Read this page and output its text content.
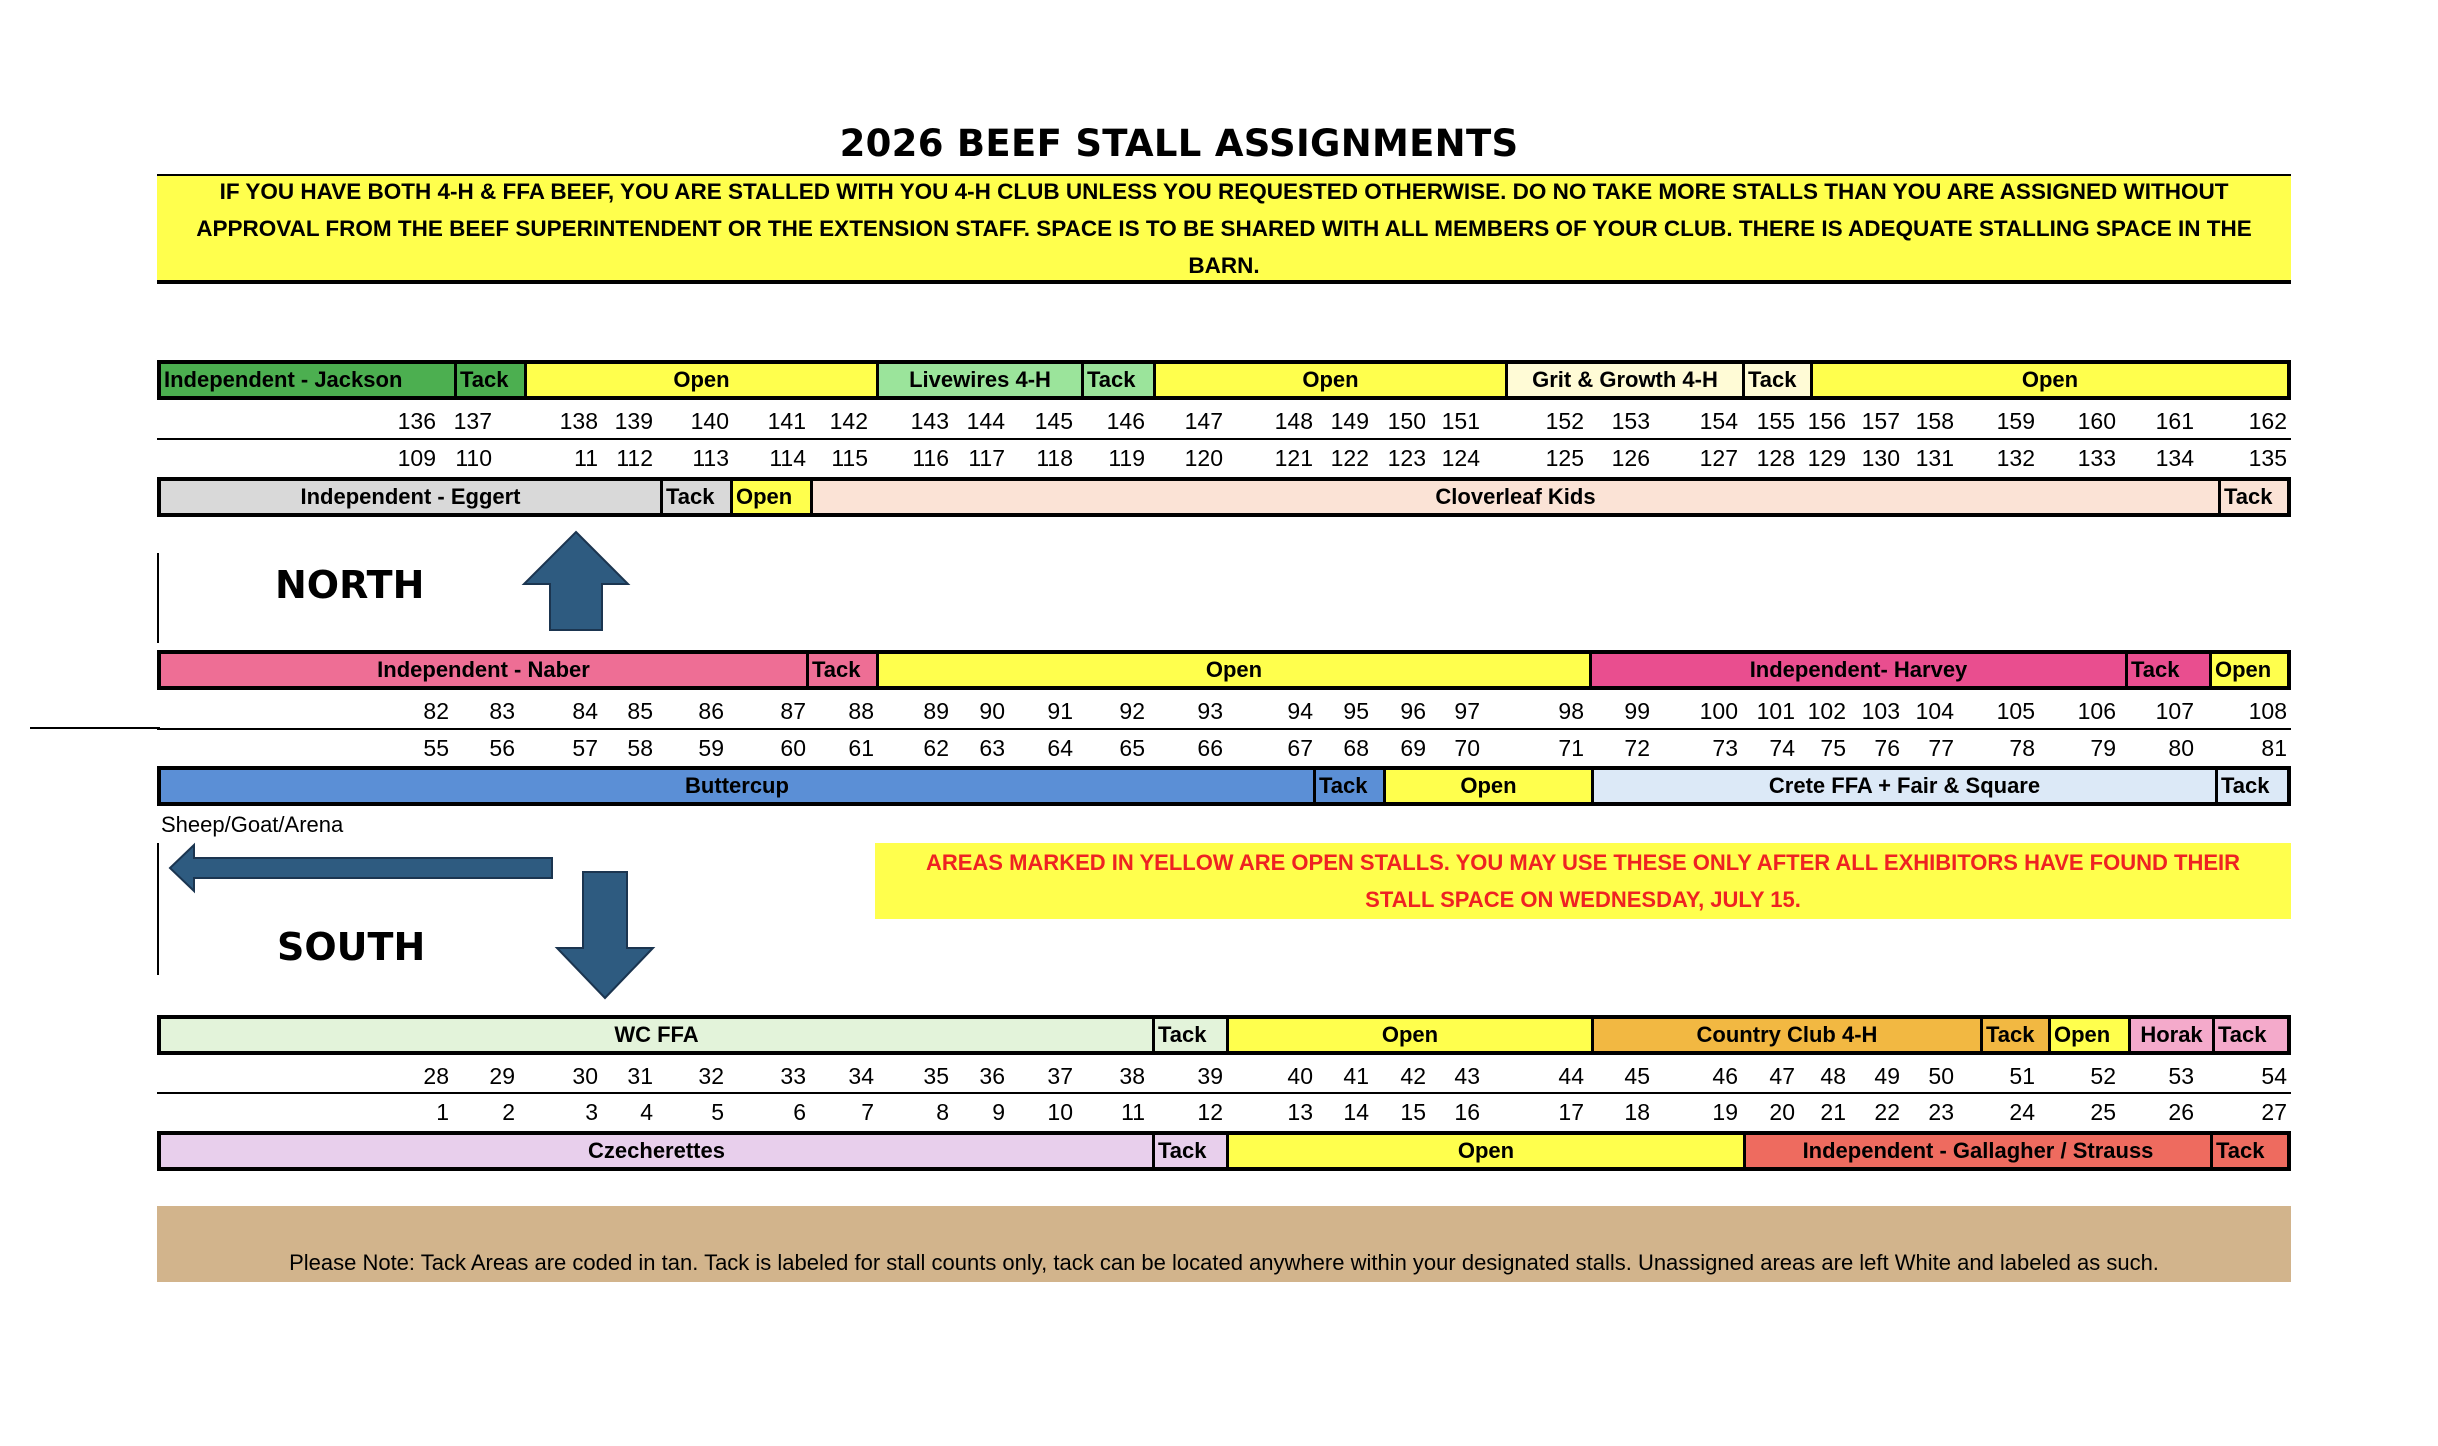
2026 BEEF STALL ASSIGNMENTS
IF YOU HAVE BOTH 4-H & FFA BEEF, YOU ARE STALLED WITH YOU 4-H CLUB UNLESS YOU REQUESTED OTHERWISE. DO NO TAKE MORE STALLS THAN YOU ARE ASSIGNED WITHOUT APPROVAL FROM THE BEEF SUPERINTENDENT OR THE EXTENSION STAFF. SPACE IS TO BE SHARED WITH ALL MEMBERS OF YOUR CLUB. THERE IS ADEQUATE STALLING SPACE IN THE BARN.
Independent - Jackson	Tack	Open	Livewires 4-H	Tack	Open	Grit & Growth 4-H	Tack	Open
136 137	138 139 140 141 142 143 144 145 146 147 148 149 150 151	152 153 154 155 156 157 158 159 160 161 162
109 110	11 112 113 114 115 116 117 118 119 120 121 122 123 124	125 126 127 128 129 130 131 132 133 134 135
Independent - Eggert	Tack Open	Cloverleaf Kids	Tack
NORTH
Independent - Naber	Tack	Open	Independent- Harvey	Tack	Open
82 83 84 85 86 87 88 89 90 91 92 93	94 95 96 97	98 99 100 101 102 103 104 105 106 107 108
55 56 57 58 59 60 61 62 63 64 65 66	67 68 69 70	71 72	73 74 75 76 77 78 79 80	81
Buttercup	Tack	Open	Crete FFA + Fair & Square	Tack
Sheep/Goat/Arena
SOUTH
AREAS MARKED IN YELLOW ARE OPEN STALLS. YOU MAY USE THESE ONLY AFTER ALL EXHIBITORS HAVE FOUND THEIR STALL SPACE ON WEDNESDAY, JULY 15.
WC FFA	Tack	Open	Country Club 4-H	Tack Open	Horak Tack
28 29 30 31 32 33 34 35 36 37 38 39	40 41 42 43	44 45	46 47 48 49 50 51 52 53	54
1 2	3 4	5	6 7	8 9 10 11 12	13 14 15 16	17 18	19 20 21 22 23 24 25 26	27
Czecherettes	Tack	Open	Independent - Gallagher / Strauss	Tack
Please Note: Tack Areas are coded in tan. Tack is labeled for stall counts only, tack can be located anywhere within your designated stalls. Unassigned areas are left White and labeled as such.
